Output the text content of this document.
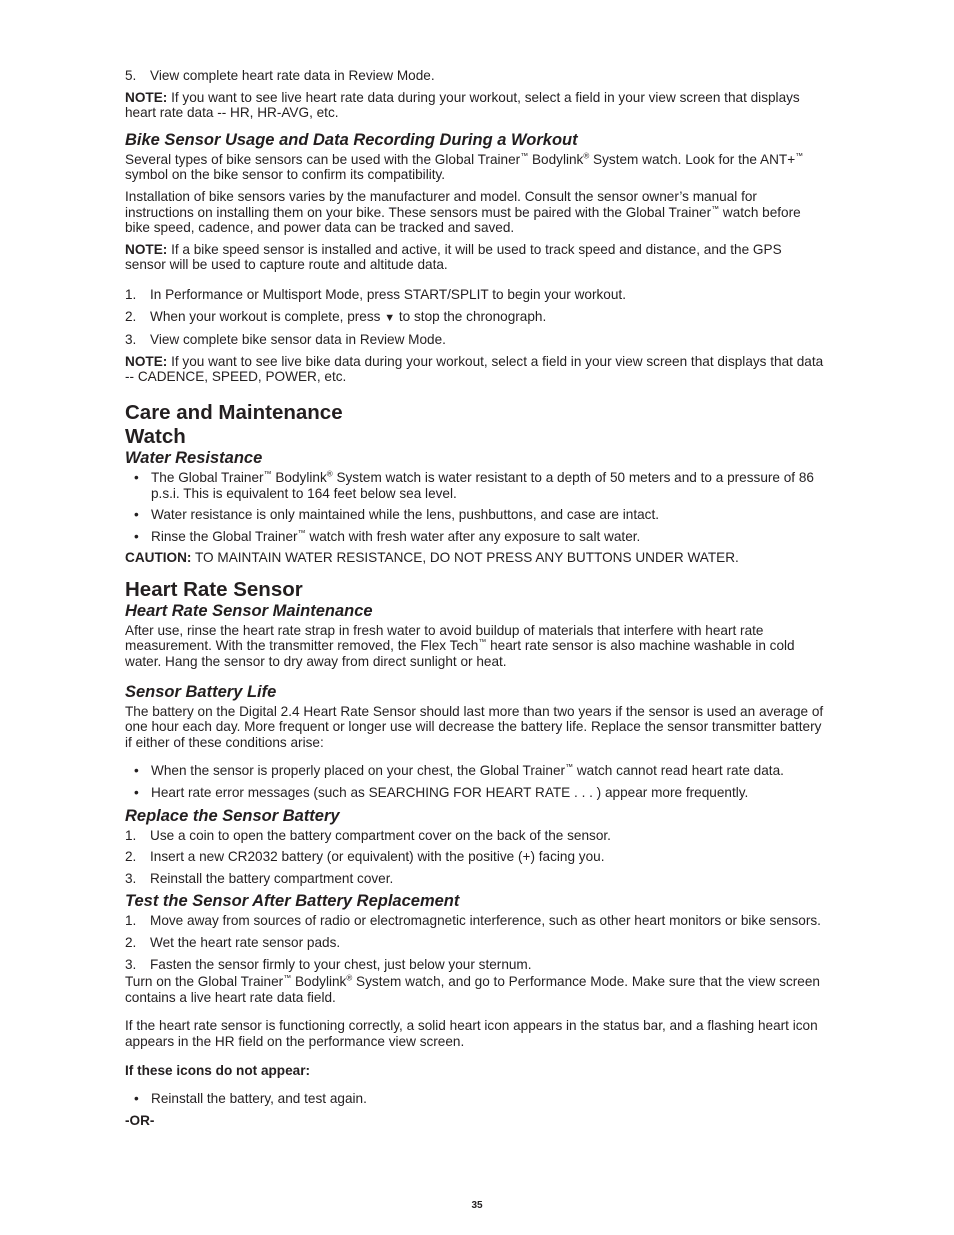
5. View complete heart rate data in Review Mode.

NOTE: If you want to see live heart rate data during your workout, select a field in your view screen that displays heart rate data -- HR, HR-AVG, etc.

Bike Sensor Usage and Data Recording During a Workout

Several types of bike sensors can be used with the Global Trainer™ Bodylink® System watch. Look for the ANT+™ symbol on the bike sensor to confirm its compatibility.

Installation of bike sensors varies by the manufacturer and model. Consult the sensor owner’s manual for instructions on installing them on your bike. These sensors must be paired with the Global Trainer™ watch before bike speed, cadence, and power data can be tracked and saved.

NOTE: If a bike speed sensor is installed and active, it will be used to track speed and distance, and the GPS sensor will be used to capture route and altitude data.

1. In Performance or Multisport Mode, press START/SPLIT to begin your workout.
2. When your workout is complete, press ▼ to stop the chronograph.
3. View complete bike sensor data in Review Mode.

NOTE: If you want to see live bike data during your workout, select a field in your view screen that displays that data -- CADENCE, SPEED, POWER, etc.

Care and Maintenance
Watch
Water Resistance
• The Global Trainer™ Bodylink® System watch is water resistant to a depth of 50 meters and to a pressure of 86 p.s.i. This is equivalent to 164 feet below sea level.
• Water resistance is only maintained while the lens, pushbuttons, and case are intact.
• Rinse the Global Trainer™ watch with fresh water after any exposure to salt water.

CAUTION: TO MAINTAIN WATER RESISTANCE, DO NOT PRESS ANY BUTTONS UNDER WATER.

Heart Rate Sensor
Heart Rate Sensor Maintenance

After use, rinse the heart rate strap in fresh water to avoid buildup of materials that interfere with heart rate measurement. With the transmitter removed, the Flex Tech™ heart rate sensor is also machine washable in cold water. Hang the sensor to dry away from direct sunlight or heat.

Sensor Battery Life

The battery on the Digital 2.4 Heart Rate Sensor should last more than two years if the sensor is used an average of one hour each day. More frequent or longer use will decrease the battery life. Replace the sensor transmitter battery if either of these conditions arise:

• When the sensor is properly placed on your chest, the Global Trainer™ watch cannot read heart rate data.
• Heart rate error messages (such as SEARCHING FOR HEART RATE . . . ) appear more frequently.
Replace the Sensor Battery
1. Use a coin to open the battery compartment cover on the back of the sensor.
2. Insert a new CR2032 battery (or equivalent) with the positive (+) facing you.
3. Reinstall the battery compartment cover.
Test the Sensor After Battery Replacement
1. Move away from sources of radio or electromagnetic interference, such as other heart monitors or bike sensors.
2. Wet the heart rate sensor pads.
3. Fasten the sensor firmly to your chest, just below your sternum.

Turn on the Global Trainer™ Bodylink® System watch, and go to Performance Mode. Make sure that the view screen contains a live heart rate data field.

If the heart rate sensor is functioning correctly, a solid heart icon appears in the status bar, and a flashing heart icon appears in the HR field on the performance view screen.

If these icons do not appear:

• Reinstall the battery, and test again.

-OR-

35
